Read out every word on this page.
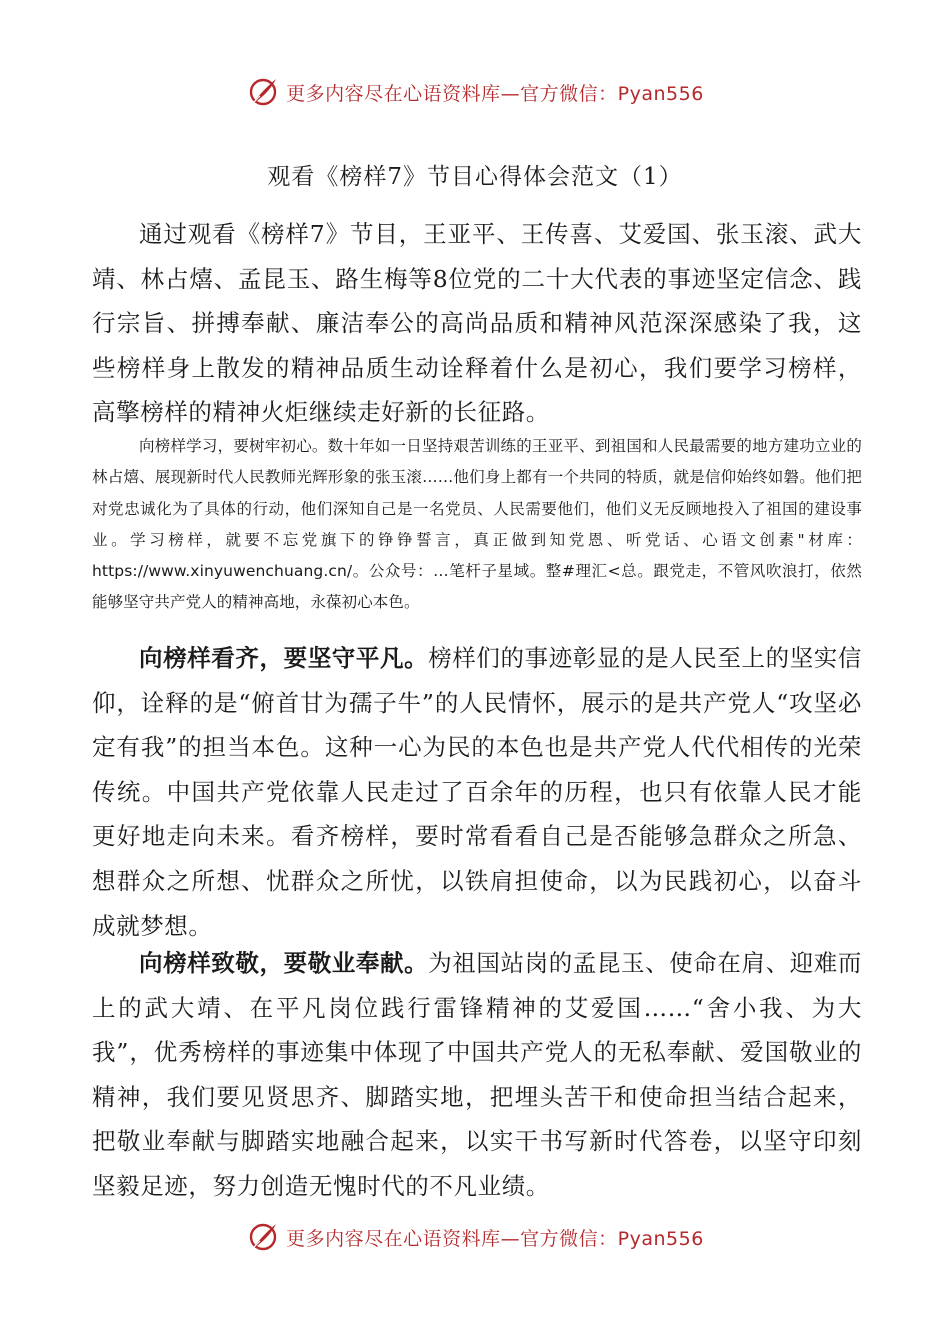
更多内容尽在心语资料库—官方微信：Pyan556
观看《榜样7》节目心得体会范文（1）

通过观看《榜样7》节目，王亚平、王传喜、艾爱国、张玉滚、武大靖、林占熺、孟昆玉、路生梅等8位党的二十大代表的事迹坚定信念、践行宗旨、拼搏奉献、廉洁奉公的高尚品质和精神风范深深感染了我，这些榜样身上散发的精神品质生动诠释着什么是初心，我们要学习榜样，高擎榜样的精神火炬继续走好新的长征路。

向榜样学习，要树牢初心。数十年如一日坚持艰苦训练的王亚平、到祖国和人民最需要的地方建功立业的林占熺、展现新时代人民教师光辉形象的张玉滚……他们身上都有一个共同的特质，就是信仰始终如磐。他们把对党忠诚化为了具体的行动，他们深知自己是一名党员、人民需要他们，他们义无反顾地投入了祖国的建设事业。学习榜样，就要不忘党旗下的铮铮誓言，真正做到知党恩、听党话、心语文创素"材库：https://www.xinyuwenchuang.cn/。公众号：…笔杆子星域。整#理汇<总。跟党走，不管风吹浪打，依然能够坚守共产党人的精神高地，永葆初心本色。

向榜样看齐，要坚守平凡。榜样们的事迹彰显的是人民至上的坚实信仰，诠释的是“俯首甘为孺子牛”的人民情怀，展示的是共产党人“攻坚必定有我”的担当本色。这种一心为民的本色也是共产党人代代相传的光荣传统。中国共产党依靠人民走过了百余年的历程，也只有依靠人民才能更好地走向未来。看齐榜样，要时常看看自己是否能够急群众之所急、想群众之所想、忧群众之所忧，以铁肩担使命，以为民践初心，以奋斗成就梦想。

向榜样致敬，要敬业奉献。为祖国站岗的孟昆玉、使命在肩、迎难而上的武大靖、在平凡岗位践行雷锋精神的艾爱国……“舍小我、为大我”，优秀榜样的事迹集中体现了中国共产党人的无私奉献、爱国敬业的精神，我们要见贤思齐、脚踏实地，把埋头苦干和使命担当结合起来，把敬业奉献与脚踏实地融合起来，以实干书写新时代答卷，以坚守印刻坚毅足迹，努力创造无愧时代的不凡业绩。

更多内容尽在心语资料库—官方微信：Pyan556
